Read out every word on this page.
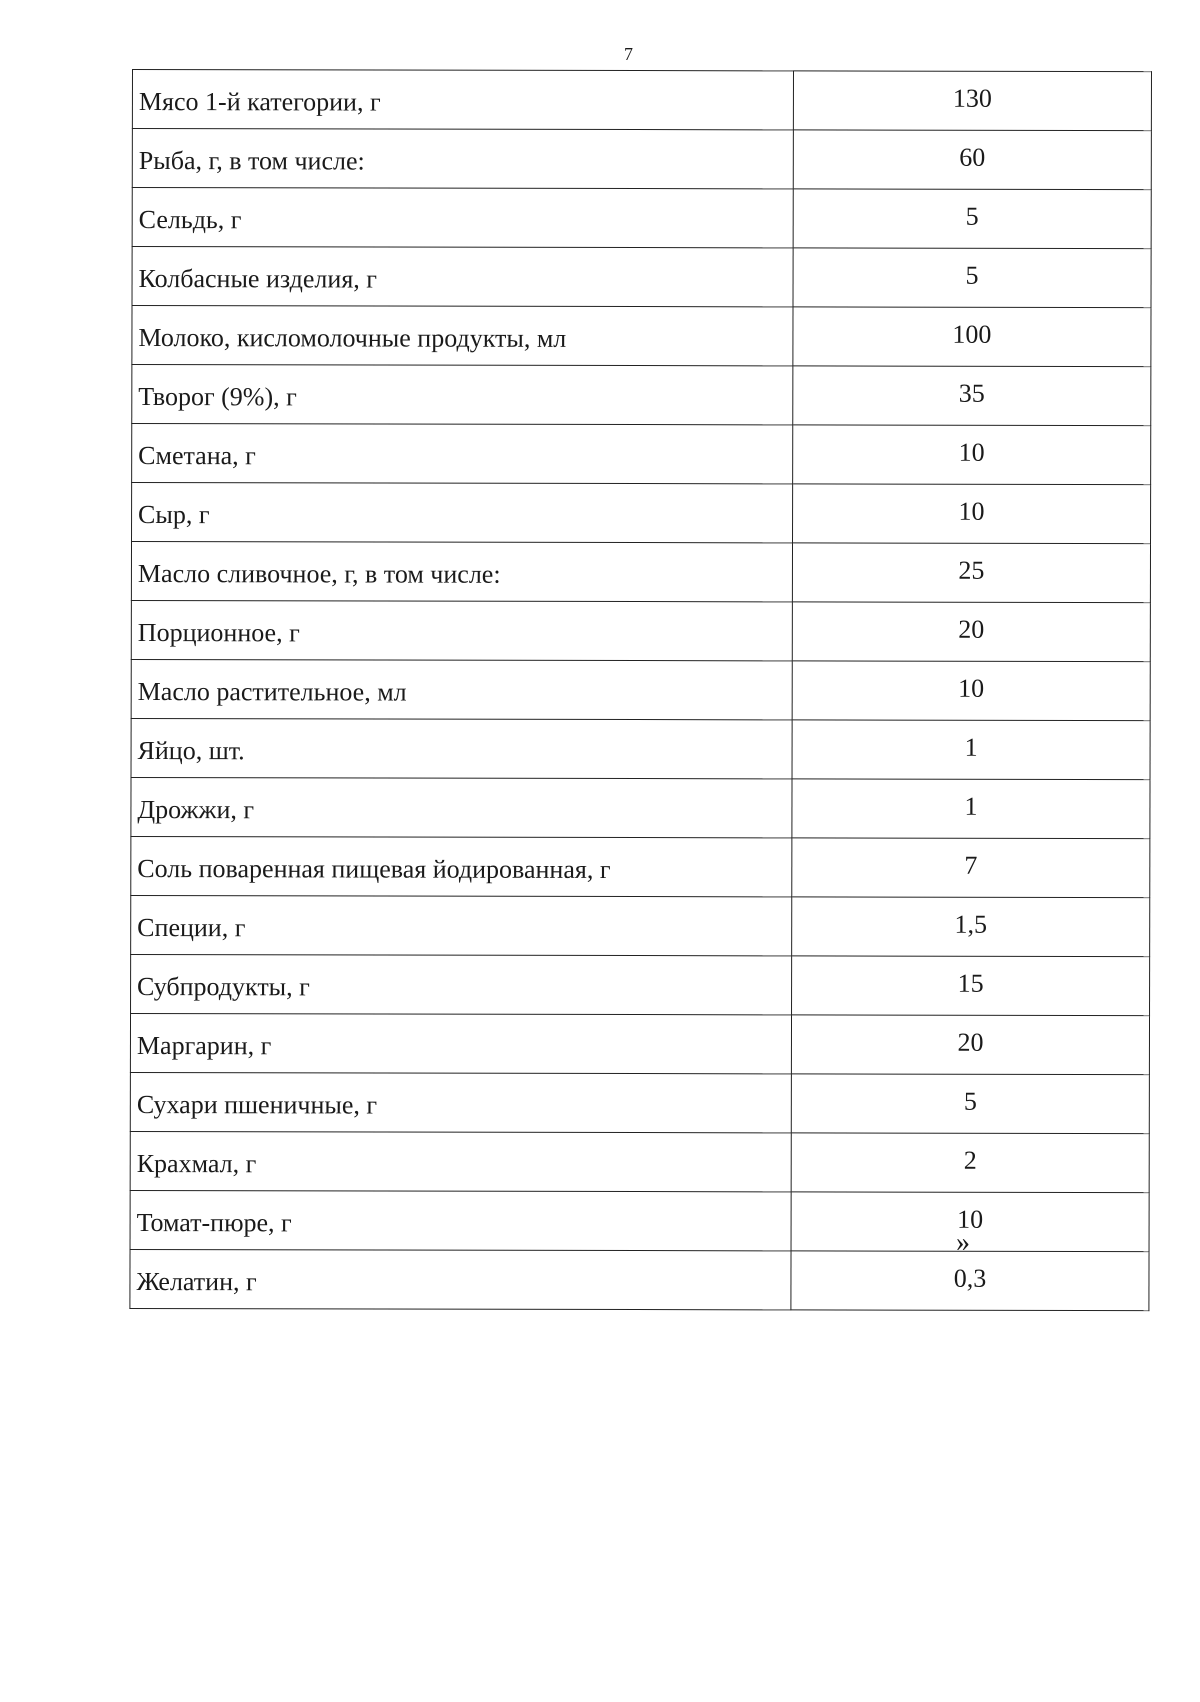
7
Мясо 1-й категории, г	130
Рыба, г, в том числе:	60
Сельдь, г	5
Колбасные изделия, г	5
Молоко, кисломолочные продукты, мл	100
Творог (9%), г	35
Сметана, г	10
Сыр, г	10
Масло сливочное, г, в том числе:	25
Порционное, г	20
Масло растительное, мл	10
Яйцо, шт.	1
Дрожжи, г	1
Соль поваренная пищевая йодированная, г	7
Специи, г	1,5
Субпродукты, г	15
Маргарин, г	20
Сухари пшеничные, г	5
Крахмал, г	2
Томат-пюре, г	10
Желатин, г	0,3
»
